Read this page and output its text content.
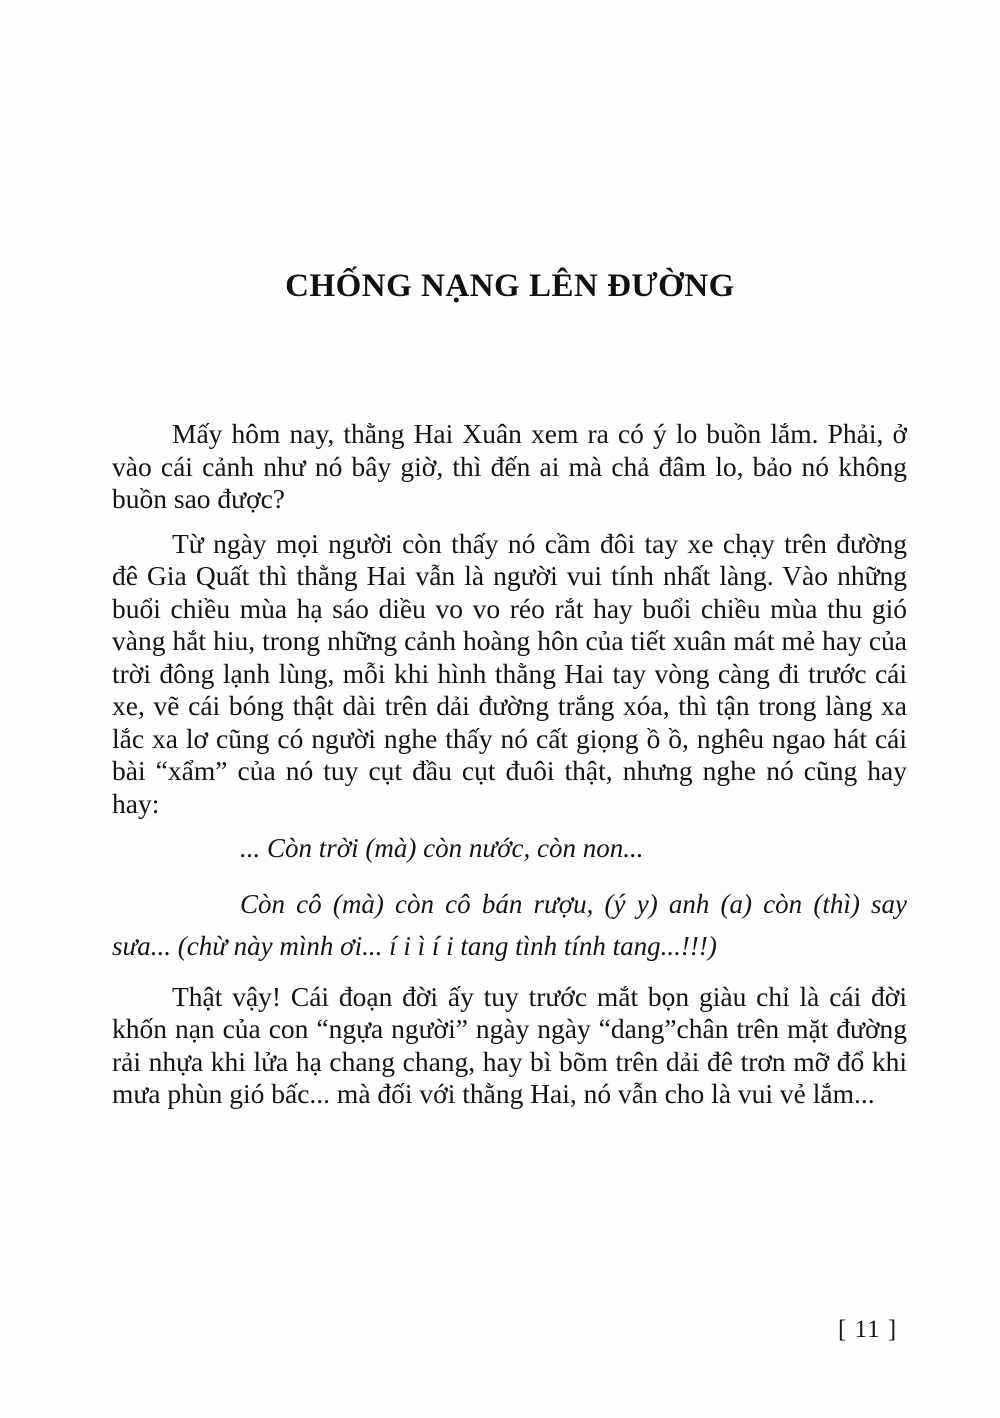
CHỐNG NẠNG LÊN ĐƯỜNG

Mấy hôm nay, thằng Hai Xuân xem ra có ý lo buồn lắm. Phải, ở vào cái cảnh như nó bây giờ, thì đến ai mà chả đâm lo, bảo nó không buồn sao được?

Từ ngày mọi người còn thấy nó cầm đôi tay xe chạy trên đường đê Gia Quất thì thằng Hai vẫn là người vui tính nhất làng. Vào những buổi chiều mùa hạ sáo diều vo vo réo rắt hay buổi chiều mùa thu gió vàng hắt hiu, trong những cảnh hoàng hôn của tiết xuân mát mẻ hay của trời đông lạnh lùng, mỗi khi hình thằng Hai tay vòng càng đi trước cái xe, vẽ cái bóng thật dài trên dải đường trắng xóa, thì tận trong làng xa lắc xa lơ cũng có người nghe thấy nó cất giọng ồ ồ, nghêu ngao hát cái bài “xẩm” của nó tuy cụt đầu cụt đuôi thật, nhưng nghe nó cũng hay hay:

... Còn trời (mà) còn nước, còn non...

Còn cô (mà) còn cô bán rượu, (ý y) anh (a) còn (thì) say sưa... (chừ này mình ơi... í i ì í i tang tình tính tang...!!!)

Thật vậy! Cái đoạn đời ấy tuy trước mắt bọn giàu chỉ là cái đời khốn nạn của con “ngựa người” ngày ngày “dang”chân trên mặt đường rải nhựa khi lửa hạ chang chang, hay bì bõm trên dải đê trơn mỡ đổ khi mưa phùn gió bấc... mà đối với thằng Hai, nó vẫn cho là vui vẻ lắm...

[ 11 ]
